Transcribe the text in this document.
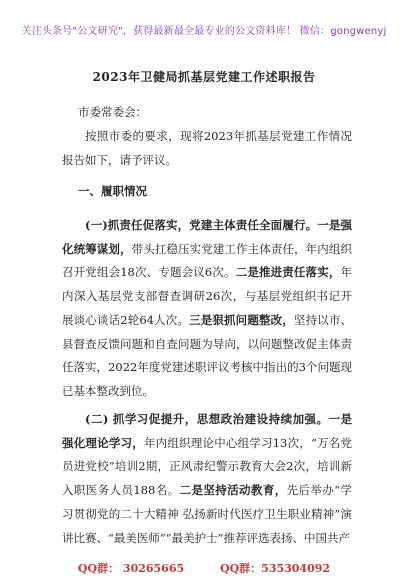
关注头条号"公文研究"，获得最新最全最专业的公文资料库！ 微信：gongwenyj
2023年卫健局抓基层党建工作述职报告
市委常委会：

按照市委的要求，现将2023年抓基层党建工作情况报告如下，请予评议。

一、履职情况

(一)抓责任促落实，党建主体责任全面履行。一是强化统筹谋划，带头扛稳压实党建工作主体责任，年内组织召开党组会18次、专题会议6次。二是推进责任落实，年内深入基层党支部督查调研26次，与基层党组织书记开展谈心谈话2轮64人次。三是狠抓问题整改，坚持以市、县督查反馈问题和自查问题为导向，以问题整改促主体责任落实，2022年度党建述职评议考核中指出的3个问题现已基本整改到位。

(二) 抓学习促提升，思想政治建设持续加强。一是强化理论学习，年内组织理论中心组学习13次，“万名党员进党校”培训2期，正风肃纪警示教育大会2次，培训新入职医务人员188名。二是坚持活动教育，先后举办“学习贯彻党的二十大精神 弘扬新时代医疗卫生职业精神”演讲比赛、“最美医师”“最美护士”推荐评选表扬、中国共产

QQ群： 30265665	QQ群：535304092
